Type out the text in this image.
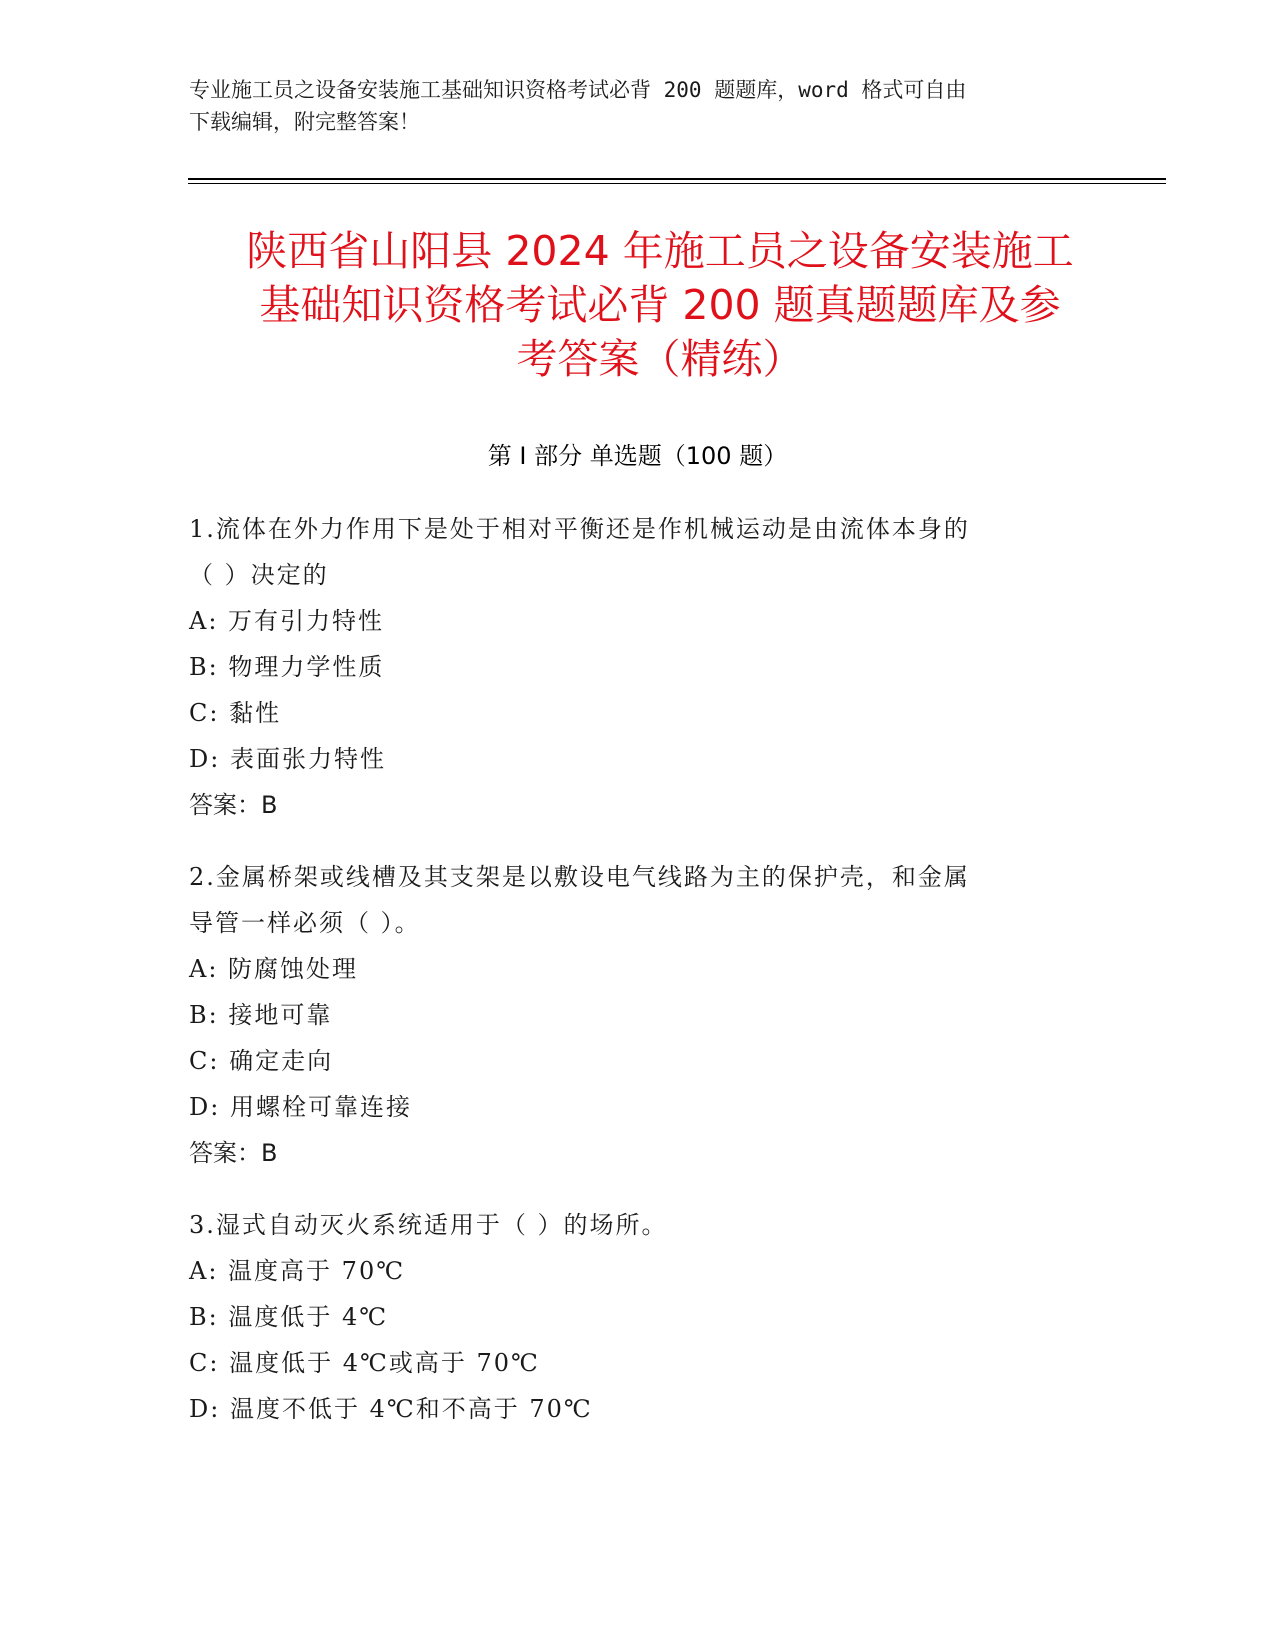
专业施工员之设备安装施工基础知识资格考试必背 200 题题库，word 格式可自由
下载编辑，附完整答案！
陕西省山阳县 2024 年施工员之设备安装施工
基础知识资格考试必背 200 题真题题库及参
考答案（精练）
第 I 部分 单选题（100 题）
1.流体在外力作用下是处于相对平衡还是作机械运动是由流体本身的
（ ）决定的
A: 万有引力特性
B: 物理力学性质
C: 黏性
D: 表面张力特性
答案：B
2.金属桥架或线槽及其支架是以敷设电气线路为主的保护壳，和金属
导管一样必须（ ）。
A: 防腐蚀处理
B: 接地可靠
C: 确定走向
D: 用螺栓可靠连接
答案：B
3.湿式自动灭火系统适用于（ ）的场所。
A: 温度高于 70℃
B: 温度低于 4℃
C: 温度低于 4℃或高于 70℃
D: 温度不低于 4℃和不高于 70℃
